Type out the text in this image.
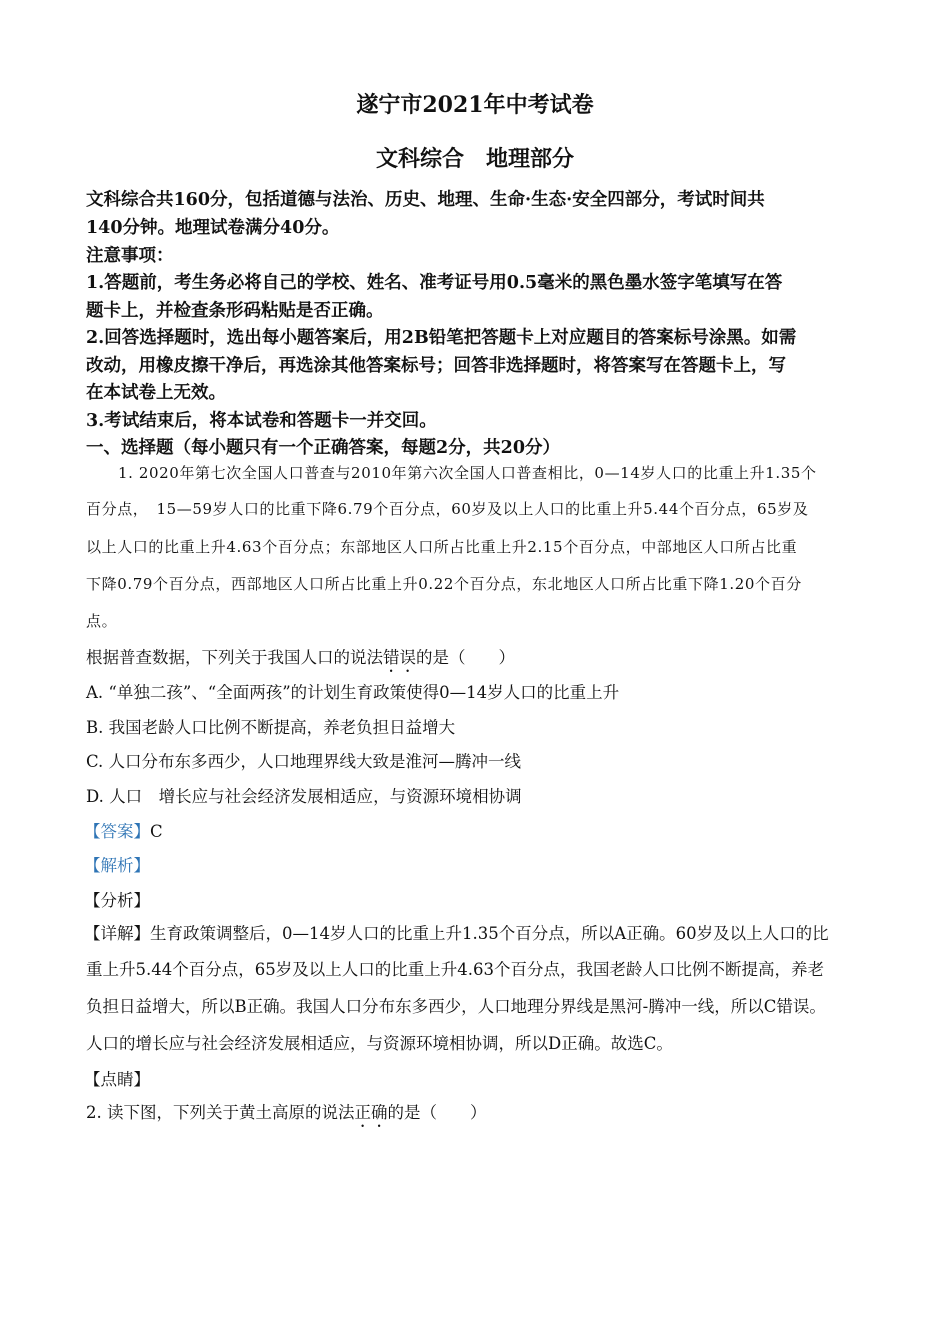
遂宁市2021年中考试卷
文科综合　地理部分
文科综合共160分，包括道德与法治、历史、地理、生命·生态·安全四部分，考试时间共
140分钟。地理试卷满分40分。
注意事项：
1.答题前，考生务必将自己的学校、姓名、准考证号用0.5毫米的黑色墨水签字笔填写在答
题卡上，并检查条形码粘贴是否正确。
2.回答选择题时，选出每小题答案后，用2B铅笔把答题卡上对应题目的答案标号涂黑。如需
改动，用橡皮擦干净后，再选涂其他答案标号；回答非选择题时，将答案写在答题卡上，写
在本试卷上无效。
3.考试结束后，将本试卷和答题卡一并交回。
一、选择题（每小题只有一个正确答案，每题2分，共20分）
1. 2020年第七次全国人口普查与2010年第六次全国人口普查相比，0—14岁人口的比重上升1.35个
百分点，　15—59岁人口的比重下降6.79个百分点，60岁及以上人口的比重上升5.44个百分点，65岁及
以上人口的比重上升4.63个百分点；东部地区人口所占比重上升2.15个百分点，中部地区人口所占比重
下降0.79个百分点，西部地区人口所占比重上升0.22个百分点，东北地区人口所占比重下降1.20个百分
点。
根据普查数据，下列关于我国人口的说法错误的是（　　）
A. “单独二孩”、“全面两孩”的计划生育政策使得0—14岁人口的比重上升
B. 我国老龄人口比例不断提高，养老负担日益增大
C. 人口分布东多西少，人口地理界线大致是淮河—腾冲一线
D. 人口　增长应与社会经济发展相适应，与资源环境相协调
【答案】C
【解析】
【分析】
【详解】生育政策调整后，0—14岁人口的比重上升1.35个百分点，所以A正确。60岁及以上人口的比
重上升5.44个百分点，65岁及以上人口的比重上升4.63个百分点，我国老龄人口比例不断提高，养老
负担日益增大，所以B正确。我国人口分布东多西少，人口地理分界线是黑河-腾冲一线，所以C错误。
人口的增长应与社会经济发展相适应，与资源环境相协调，所以D正确。故选C。
【点睛】
2. 读下图，下列关于黄土高原的说法正确的是（　　）
